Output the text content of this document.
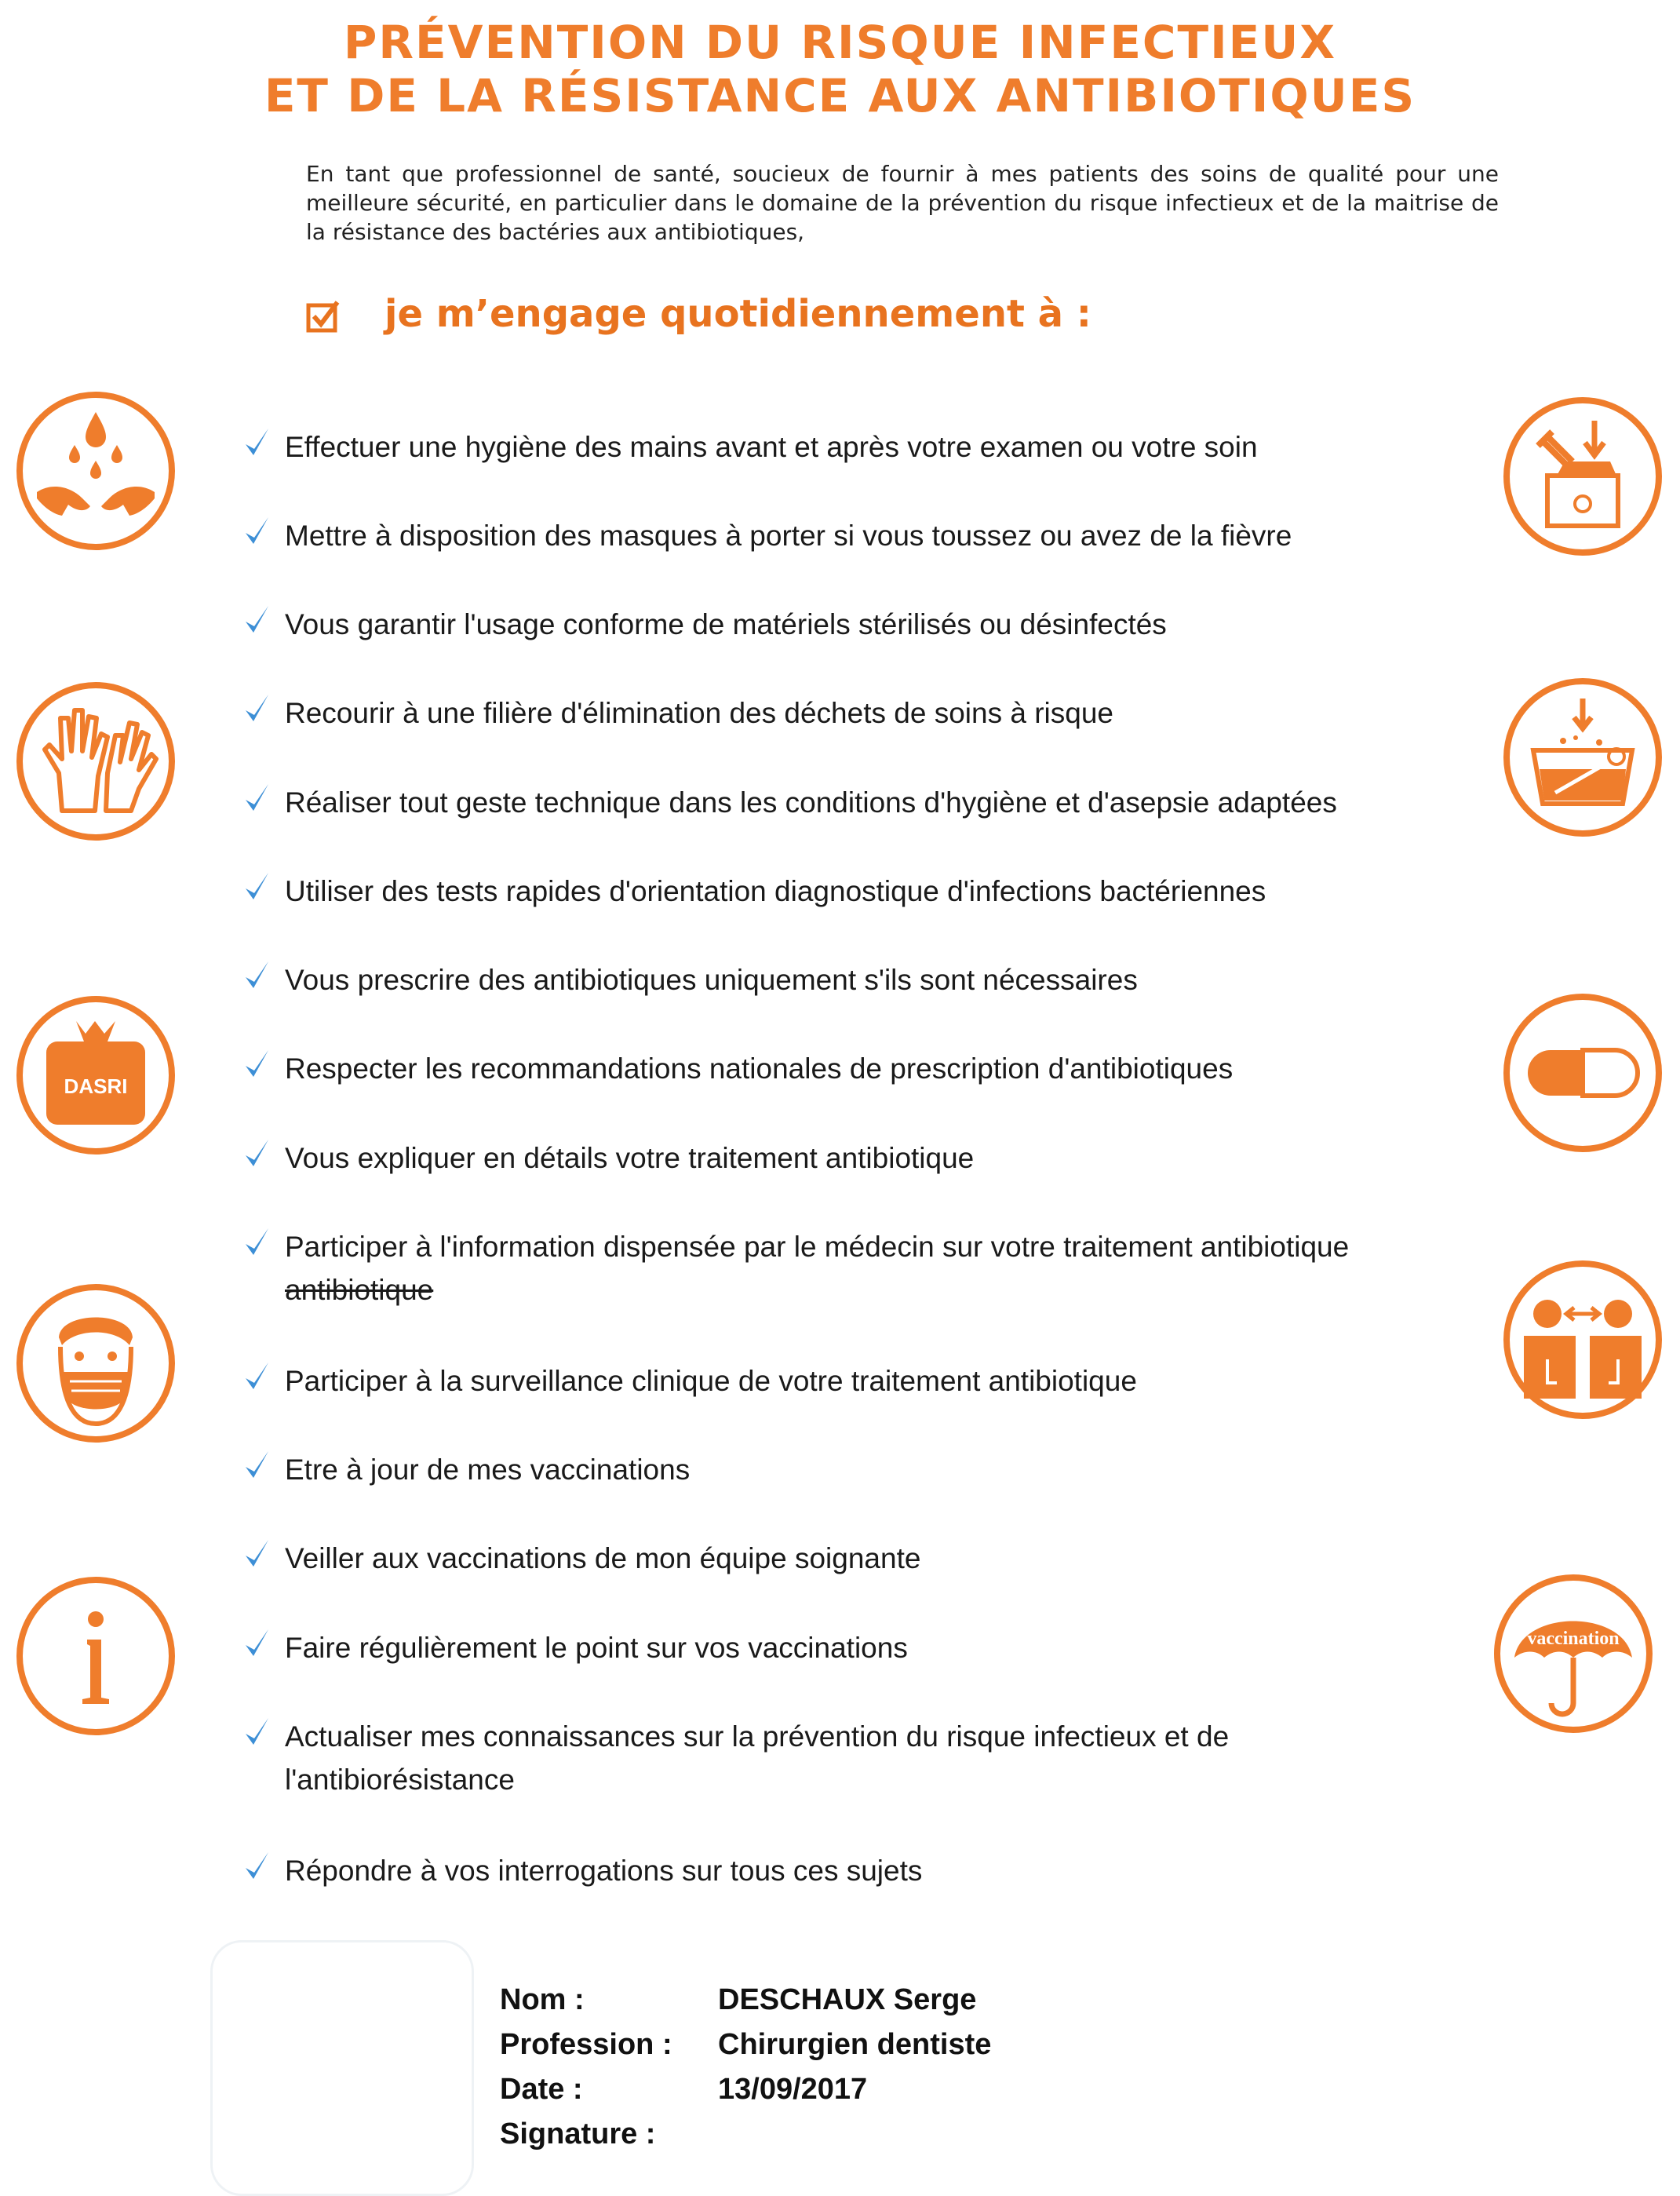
PRÉVENTION DU RISQUE INFECTIEUX
ET DE LA RÉSISTANCE AUX ANTIBIOTIQUES
En tant que professionnel de santé, soucieux de fournir à mes patients des soins de qualité pour une meilleure sécurité, en particulier dans le domaine de la prévention du risque infectieux et de la maitrise de la résistance des bactéries aux antibiotiques,
je m’engage quotidiennement à :
Effectuer une hygiène des mains avant et après votre examen ou votre soin
Mettre à disposition des masques à porter si vous toussez ou avez de la fièvre
Vous garantir l'usage conforme de matériels stérilisés ou désinfectés
Recourir à une filière d'élimination des déchets de soins à risque
Réaliser tout geste technique dans les conditions d'hygiène et d'asepsie adaptées
Utiliser des tests rapides d'orientation diagnostique d'infections bactériennes
Vous prescrire des antibiotiques uniquement s'ils sont nécessaires
Respecter les recommandations nationales de prescription d'antibiotiques
Vous expliquer en détails votre traitement antibiotique
Participer à l'information dispensée par le médecin sur votre traitement antibiotique
antibiotique
Participer à la surveillance clinique de votre traitement antibiotique
Etre à jour de mes vaccinations
Veiller aux vaccinations de mon équipe soignante
Faire régulièrement le point sur vos vaccinations
Actualiser mes connaissances sur la prévention du risque infectieux et de
l'antibiorésistance
Répondre à vos interrogations sur tous ces sujets
DASRI
vaccination
Nom :	DESCHAUX Serge
Profession : Chirurgien dentiste
Date :	13/09/2017
Signature :
